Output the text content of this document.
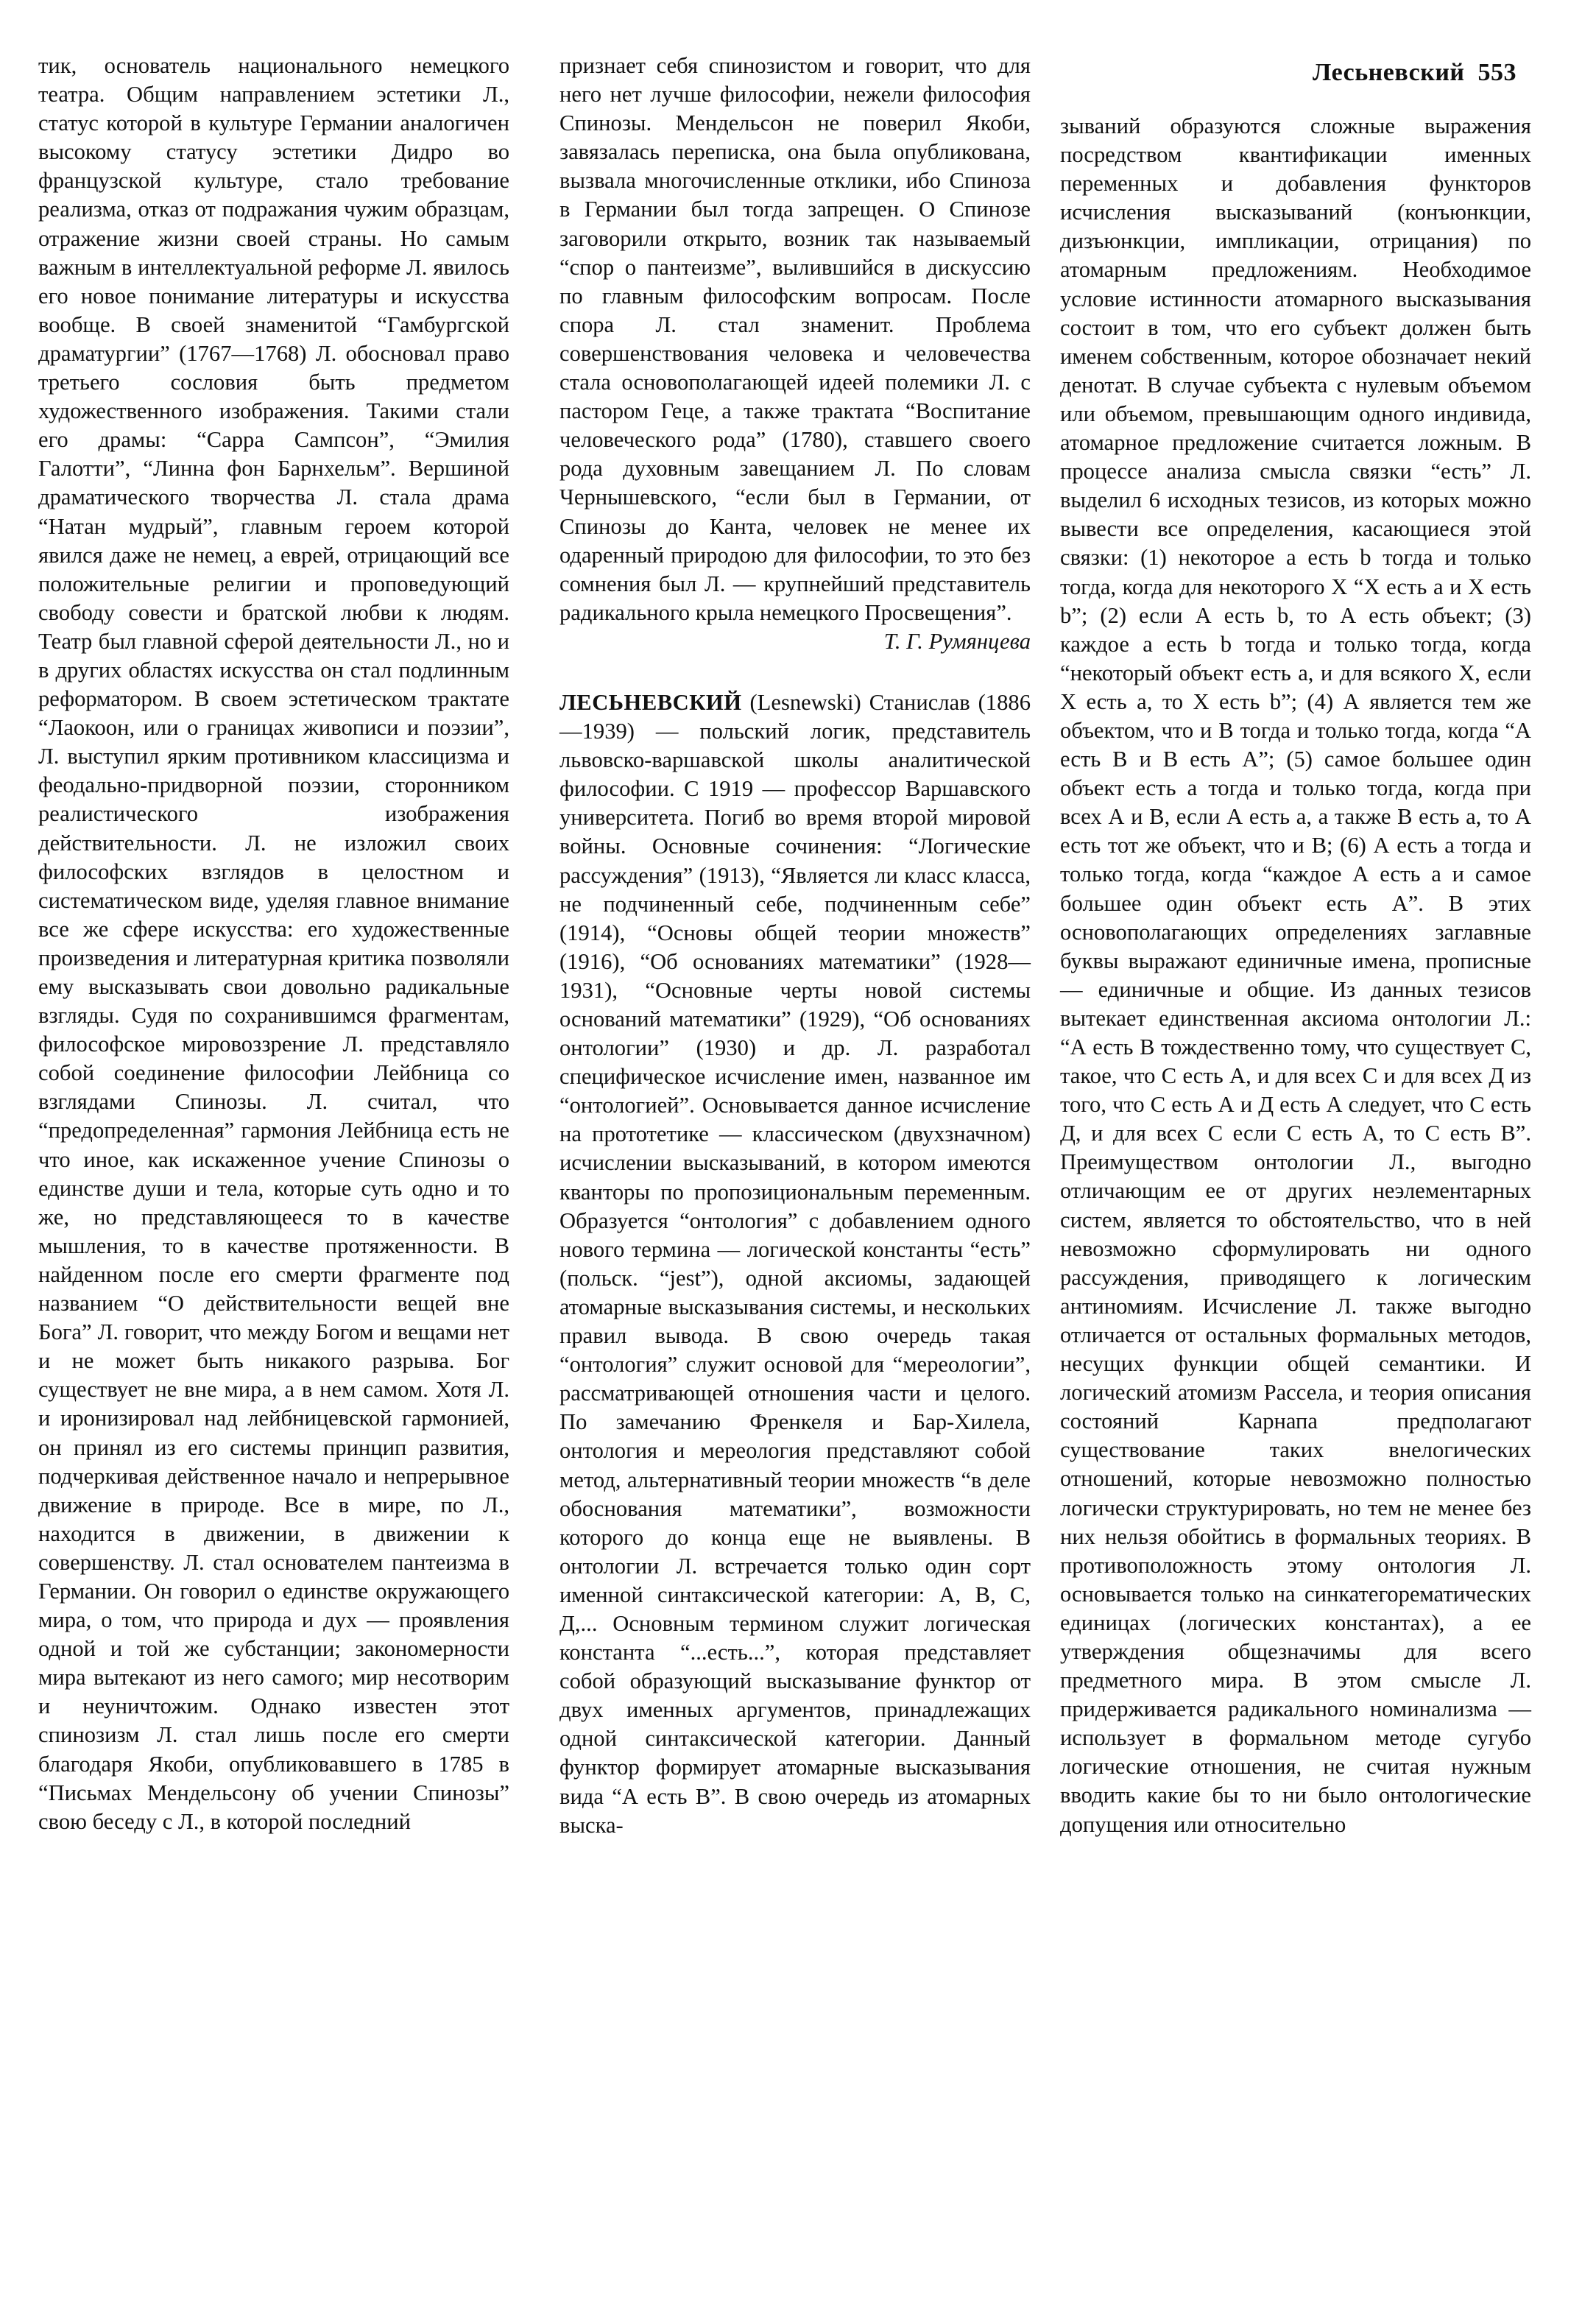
Лесьневский 553

тик, основатель национального немецкого театра. Общим направлением эстетики Л., статус которой в культуре Германии аналогичен высокому статусу эстетики Дидро во французской культуре, стало требование реализма, отказ от подражания чужим образцам, отражение жизни своей страны. Но самым важным в интеллектуальной реформе Л. явилось его новое понимание литературы и искусства вообще. В своей знаменитой “Гамбургской драматургии” (1767—1768) Л. обосновал право третьего сословия быть предметом художественного изображения. Такими стали его драмы: “Сарра Сампсон”, “Эмилия Галотти”, “Линна фон Барнхельм”. Вершиной драматического творчества Л. стала драма “Натан мудрый”, главным героем которой явился даже не немец, а еврей, отрицающий все положительные религии и проповедующий свободу совести и братской любви к людям. Театр был главной сферой деятельности Л., но и в других областях искусства он стал подлинным реформатором. В своем эстетическом трактате “Лаокоон, или о границах живописи и поэзии”, Л. выступил ярким противником классицизма и феодально-придворной поэзии, сторонником реалистического изображения действительности. Л. не изложил своих философских взглядов в целостном и систематическом виде, уделяя главное внимание все же сфере искусства: его художественные произведения и литературная критика позволяли ему высказывать свои довольно радикальные взгляды. Судя по сохранившимся фрагментам, философское мировоззрение Л. представляло собой соединение философии Лейбница со взглядами Спинозы. Л. считал, что “предопределенная” гармония Лейбница есть не что иное, как искаженное учение Спинозы о единстве души и тела, которые суть одно и то же, но представляющееся то в качестве мышления, то в качестве протяженности. В найденном после его смерти фрагменте под названием “О действительности вещей вне Бога” Л. говорит, что между Богом и вещами нет и не может быть никакого разрыва. Бог существует не вне мира, а в нем самом. Хотя Л. и иронизировал над лейбницевской гармонией, он принял из его системы принцип развития, подчеркивая действенное начало и непрерывное движение в природе. Все в мире, по Л., находится в движении, в движении к совершенству. Л. стал основателем пантеизма в Германии. Он говорил о единстве окружающего мира, о том, что природа и дух — проявления одной и той же субстанции; закономерности мира вытекают из него самого; мир несотворим и неуничтожим. Однако известен этот спинозизм Л. стал лишь после его смерти благодаря Якоби, опубликовавшего в 1785 в “Письмах Мендельсону об учении Спинозы” свою беседу с Л., в которой последний

признает себя спинозистом и говорит, что для него нет лучше философии, нежели философия Спинозы. Мендельсон не поверил Якоби, завязалась переписка, она была опубликована, вызвала многочисленные отклики, ибо Спиноза в Германии был тогда запрещен. О Спинозе заговорили открыто, возник так называемый “спор о пантеизме”, вылившийся в дискуссию по главным философским вопросам. После спора Л. стал знаменит. Проблема совершенствования человека и человечества стала основополагающей идеей полемики Л. с пастором Геце, а также трактата “Воспитание человеческого рода” (1780), ставшего своего рода духовным завещанием Л. По словам Чернышевского, “если был в Германии, от Спинозы до Канта, человек не менее их одаренный природою для философии, то это без сомнения был Л. — крупнейший представитель радикального крыла немецкого Просвещения”.

Т. Г. Румянцева

ЛЕСЬНЕВСКИЙ (Lesnewski) Станислав (1886—1939) — польский логик, представитель львовско-варшавской школы аналитической философии. С 1919 — профессор Варшавского университета. Погиб во время второй мировой войны. Основные сочинения: “Логические рассуждения” (1913), “Является ли класс класса, не подчиненный себе, подчиненным себе” (1914), “Основы общей теории множеств” (1916), “Об основаниях математики” (1928—1931), “Основные черты новой системы оснований математики” (1929), “Об основаниях онтологии” (1930) и др. Л. разработал специфическое исчисление имен, названное им “онтологией”. Основывается данное исчисление на прототетике — классическом (двухзначном) исчислении высказываний, в котором имеются кванторы по пропозициональным переменным. Образуется “онтология” с добавлением одного нового термина — логической константы “есть” (польск. “jest”), одной аксиомы, задающей атомарные высказывания системы, и нескольких правил вывода. В свою очередь такая “онтология” служит основой для “мереологии”, рассматривающей отношения части и целого. По замечанию Френкеля и Бар-Хилела, онтология и мереология представляют собой метод, альтернативный теории множеств “в деле обоснования математики”, возможности которого до конца еще не выявлены. В онтологии Л. встречается только один сорт именной синтаксической категории: А, В, С, Д,... Основным термином служит логическая константа “...есть...”, которая представляет собой образующий высказывание функтор от двух именных аргументов, принадлежащих одной синтаксической категории. Данный функтор формирует атомарные высказывания вида “А есть В”. В свою очередь из атомарных выска-

зываний образуются сложные выражения посредством квантификации именных переменных и добавления функторов исчисления высказываний (конъюнкции, дизъюнкции, импликации, отрицания) по атомарным предложениям. Необходимое условие истинности атомарного высказывания состоит в том, что его субъект должен быть именем собственным, которое обозначает некий денотат. В случае субъекта с нулевым объемом или объемом, превышающим одного индивида, атомарное предложение считается ложным. В процессе анализа смысла связки “есть” Л. выделил 6 исходных тезисов, из которых можно вывести все определения, касающиеся этой связки: (1) некоторое а есть b тогда и только тогда, когда для некоторого X “X есть а и X есть b”; (2) если А есть b, то А есть объект; (3) каждое а есть b тогда и только тогда, когда “некоторый объект есть а, и для всякого X, если X есть а, то X есть b”; (4) А является тем же объектом, что и В тогда и только тогда, когда “А есть В и В есть А”; (5) самое большее один объект есть а тогда и только тогда, когда при всех А и В, если А есть а, а также В есть а, то А есть тот же объект, что и В; (6) А есть а тогда и только тогда, когда “каждое А есть а и самое большее один объект есть А”. В этих основополагающих определениях заглавные буквы выражают единичные имена, прописные — единичные и общие. Из данных тезисов вытекает единственная аксиома онтологии Л.: “А есть В тождественно тому, что существует С, такое, что С есть А, и для всех С и для всех Д из того, что С есть А и Д есть А следует, что С есть Д, и для всех С если С есть А, то С есть В”. Преимуществом онтологии Л., выгодно отличающим ее от других неэлементарных систем, является то обстоятельство, что в ней невозможно сформулировать ни одного рассуждения, приводящего к логическим антиномиям. Исчисление Л. также выгодно отличается от остальных формальных методов, несущих функции общей семантики. И логический атомизм Рассела, и теория описания состояний Карнапа предполагают существование таких внелогических отношений, которые невозможно полностью логически структурировать, но тем не менее без них нельзя обойтись в формальных теориях. В противоположность этому онтология Л. основывается только на синкатегорематических единицах (логических константах), а ее утверждения общезначимы для всего предметного мира. В этом смысле Л. придерживается радикального номинализма — использует в формальном методе сугубо логические отношения, не считая нужным вводить какие бы то ни было онтологические допущения или относительно
